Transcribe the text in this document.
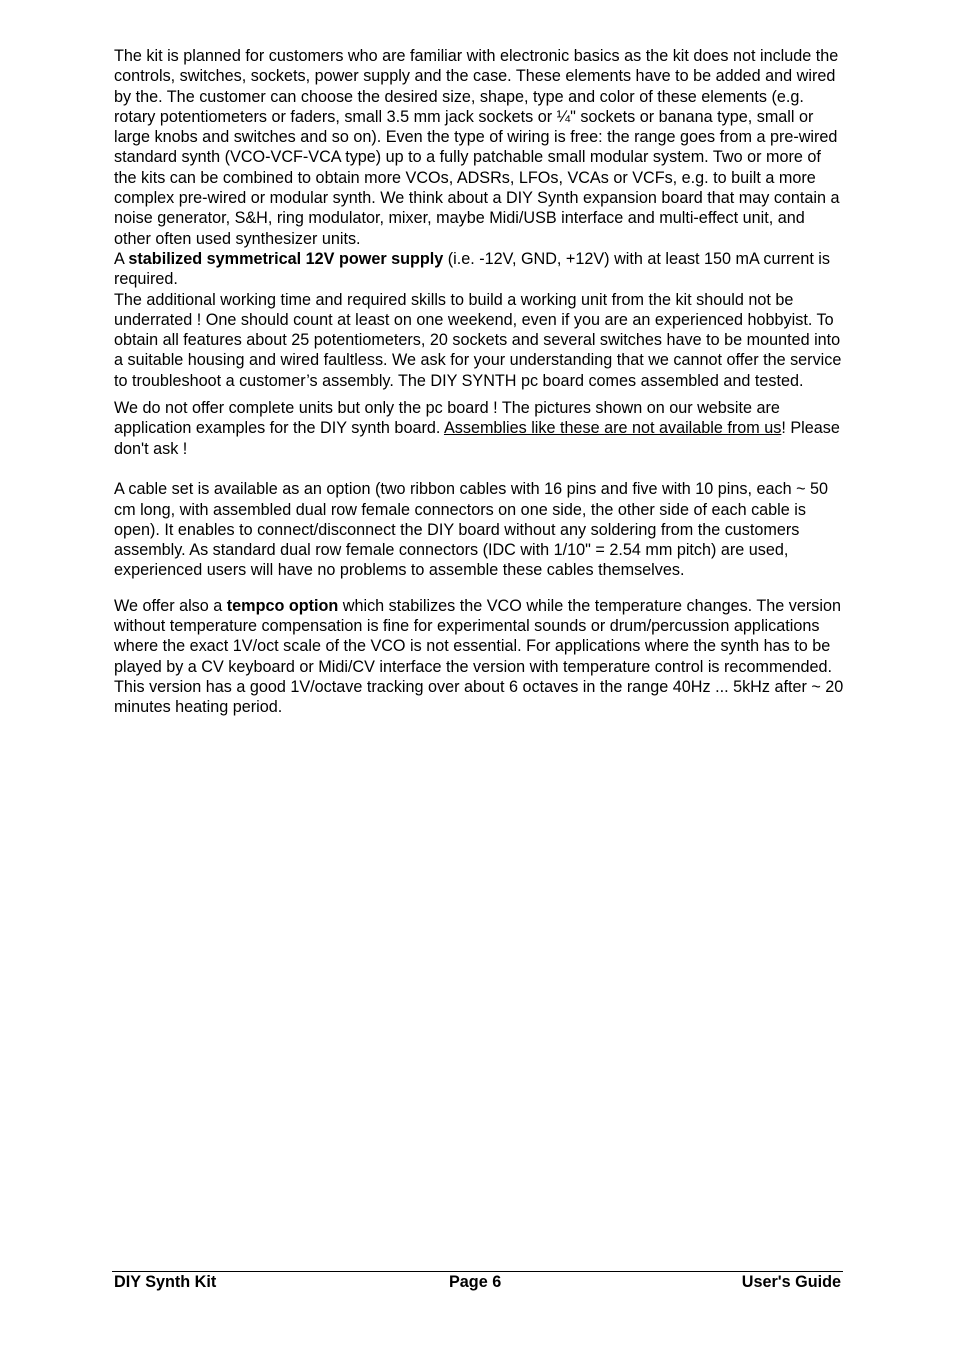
The kit is planned for customers who are familiar with electronic basics as the kit does not include the controls, switches, sockets, power supply and the case. These elements have to be added and wired by the. The customer can choose the desired size, shape, type and color of these elements (e.g. rotary potentiometers or faders, small 3.5 mm jack sockets or ¼" sockets or banana type, small or large knobs and switches and so on). Even the type of wiring is free: the range goes from a pre-wired standard synth (VCO-VCF-VCA type) up to a fully patchable small modular system. Two or more of the kits can be combined to obtain more VCOs, ADSRs, LFOs, VCAs or VCFs, e.g. to built a more complex pre-wired or modular synth. We think about a DIY Synth expansion board that may contain a noise generator, S&H, ring modulator, mixer, maybe Midi/USB interface and multi-effect unit, and other often used synthesizer units.

A stabilized symmetrical 12V power supply (i.e. -12V, GND, +12V) with at least 150 mA current is required.

The additional working time and required skills to build a working unit from the kit should not be underrated ! One should count at least on one weekend, even if you are an experienced hobbyist. To obtain all features about 25 potentiometers, 20 sockets and several switches have to be mounted into a suitable housing and wired faultless. We ask for your understanding that we cannot offer the service to troubleshoot a customer’s assembly. The DIY SYNTH pc board comes assembled and tested.

We do not offer complete units but only the pc board ! The pictures shown on our website are application examples for the DIY synth board. Assemblies like these are not available from us! Please don't ask !

A cable set is available as an option (two ribbon cables with 16 pins and five with 10 pins, each ~ 50 cm long, with assembled dual row female connectors on one side, the other side of each cable is open). It enables to connect/disconnect the DIY board without any soldering from the customers assembly. As standard dual row female connectors (IDC with 1/10" = 2.54 mm pitch) are used, experienced users will have no problems to assemble these cables themselves.

We offer also a tempco option which stabilizes the VCO while the temperature changes. The version without temperature compensation is fine for experimental sounds or drum/percussion applications where the exact 1V/oct scale of the VCO is not essential. For applications where the synth has to be played by a CV keyboard or Midi/CV interface the version with temperature control is recommended. This version has a good 1V/octave tracking over about 6 octaves in the range 40Hz ... 5kHz after ~ 20 minutes heating period.

DIY Synth Kit	Page 6	User's Guide
